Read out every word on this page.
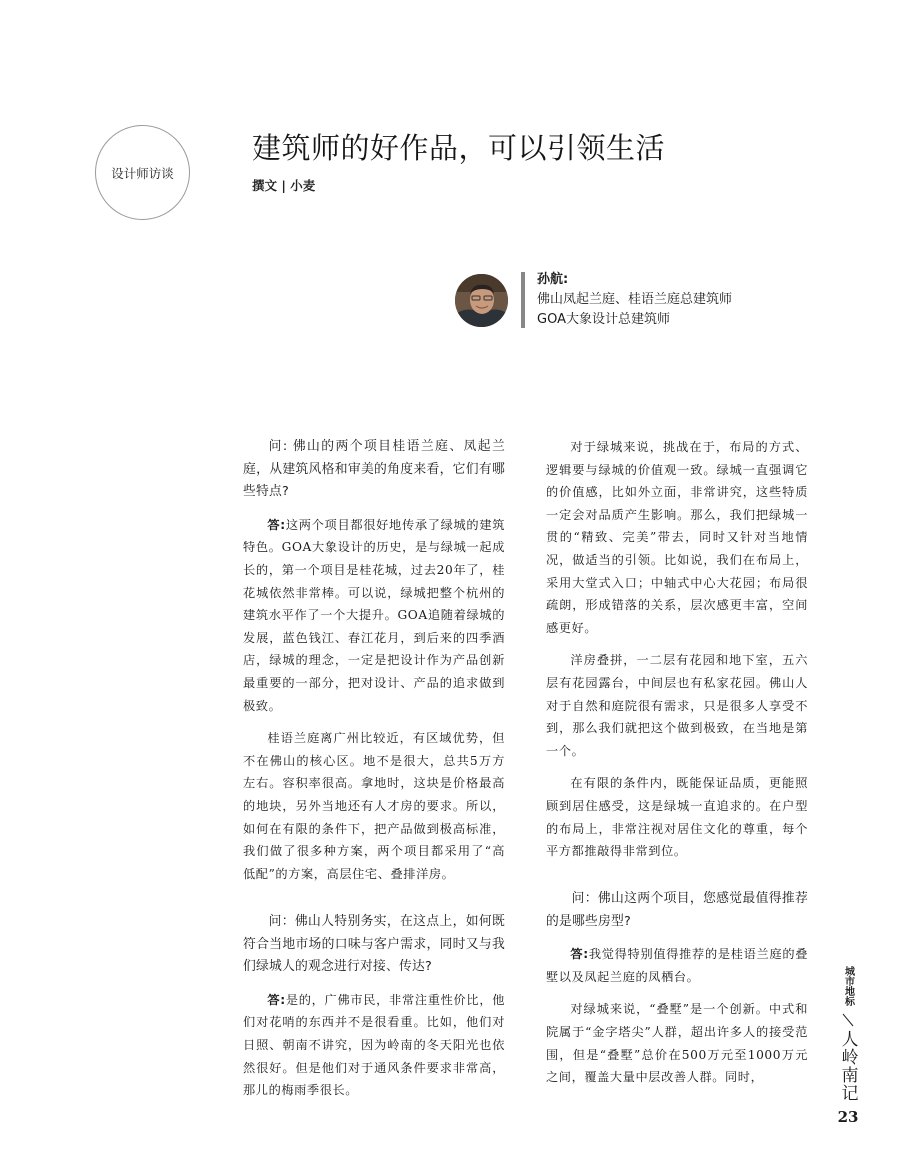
设计师访谈
建筑师的好作品，可以引领生活
撰文 | 小麦
孙航:
佛山凤起兰庭、桂语兰庭总建筑师
GOA大象设计总建筑师

问: 佛山的两个项目桂语兰庭、凤起兰庭，从建筑风格和审美的角度来看，它们有哪些特点?

答:这两个项目都很好地传承了绿城的建筑特色。GOA大象设计的历史，是与绿城一起成长的，第一个项目是桂花城，过去20年了，桂花城依然非常棒。可以说，绿城把整个杭州的建筑水平作了一个大提升。GOA追随着绿城的发展，蓝色钱江、春江花月，到后来的四季酒店，绿城的理念，一定是把设计作为产品创新最重要的一部分，把对设计、产品的追求做到极致。

桂语兰庭离广州比较近，有区域优势，但不在佛山的核心区。地不是很大，总共5万方左右。容积率很高。拿地时，这块是价格最高的地块，另外当地还有人才房的要求。所以，如何在有限的条件下，把产品做到极高标准，我们做了很多种方案，两个项目都采用了“高低配”的方案，高层住宅、叠排洋房。

问：佛山人特别务实，在这点上，如何既符合当地市场的口味与客户需求，同时又与我们绿城人的观念进行对接、传达?

答:是的，广佛市民，非常注重性价比，他们对花哨的东西并不是很看重。比如，他们对日照、朝南不讲究，因为岭南的冬天阳光也依然很好。但是他们对于通风条件要求非常高，那儿的梅雨季很长。

对于绿城来说，挑战在于，布局的方式、逻辑要与绿城的价值观一致。绿城一直强调它的价值感，比如外立面，非常讲究，这些特质一定会对品质产生影响。那么，我们把绿城一贯的“精致、完美”带去，同时又针对当地情况，做适当的引领。比如说，我们在布局上，采用大堂式入口；中轴式中心大花园；布局很疏朗，形成错落的关系，层次感更丰富，空间感更好。

洋房叠拼，一二层有花园和地下室，五六层有花园露台，中间层也有私家花园。佛山人对于自然和庭院很有需求，只是很多人享受不到，那么我们就把这个做到极致，在当地是第一个。

在有限的条件内，既能保证品质，更能照顾到居住感受，这是绿城一直追求的。在户型的布局上，非常注视对居住文化的尊重，每个平方都推敲得非常到位。

问：佛山这两个项目，您感觉最值得推荐的是哪些房型?

答:我觉得特别值得推荐的是桂语兰庭的叠墅以及凤起兰庭的凤栖台。

对绿城来说，“叠墅”是一个创新。中式和院属于“金字塔尖”人群，超出许多人的接受范围，但是“叠墅”总价在500万元至1000万元之间，覆盖大量中层改善人群。同时，

城市地标
人岭南记
23
